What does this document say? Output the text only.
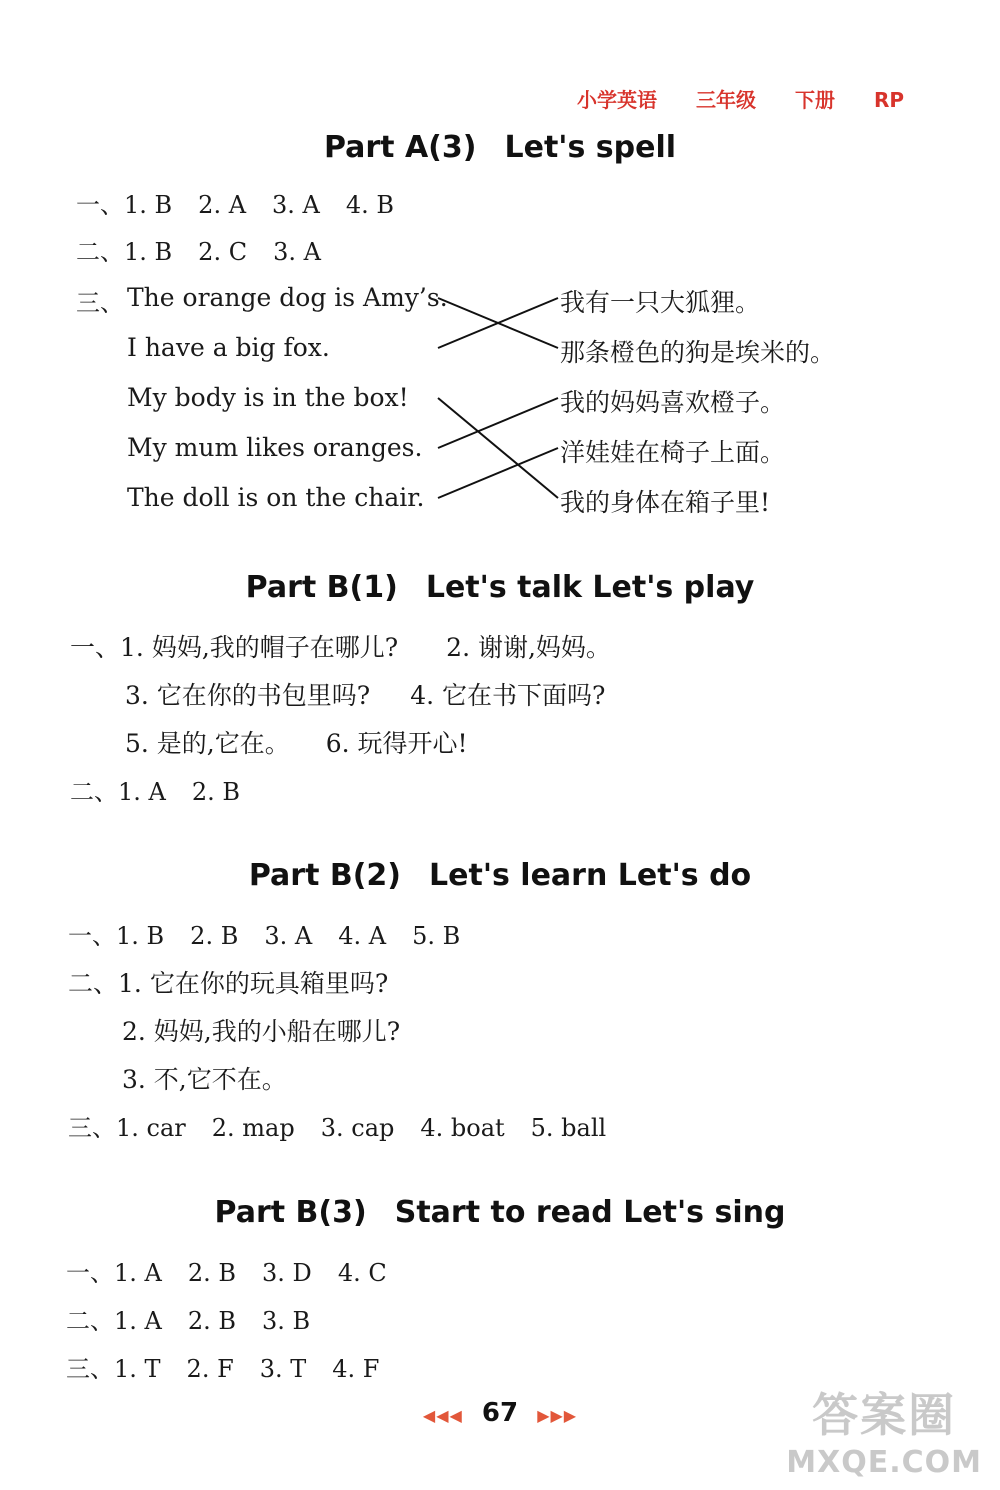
小学英语 三年级 下册 RP
Part A(3) Let's spell
一、1. B 2. A 3. A 4. B
二、1. B 2. C 3. A
三、 The orange dog is Amy’s.
I have a big fox.
My body is in the box!
My mum likes oranges.
The doll is on the chair.
我有一只大狐狸。
那条橙色的狗是埃米的。
我的妈妈喜欢橙子。
洋娃娃在椅子上面。
我的身体在箱子里!
Part B(1) Let's talk Let's play
一、1. 妈妈,我的帽子在哪儿? 2. 谢谢,妈妈。
3. 它在你的书包里吗? 4. 它在书下面吗?
5. 是的,它在。 6. 玩得开心!
二、1. A 2. B
Part B(2) Let's learn Let's do
一、1. B 2. B 3. A 4. A 5. B
二、1. 它在你的玩具箱里吗?
2. 妈妈,我的小船在哪儿?
3. 不,它不在。
三、1. car 2. map 3. cap 4. boat 5. ball
Part B(3) Start to read Let's sing
一、1. A 2. B 3. D 4. C
二、1. A 2. B 3. B
三、1. T 2. F 3. T 4. F
◀◀◀ 67 ▶▶▶	答案圈
MXQE.COM
